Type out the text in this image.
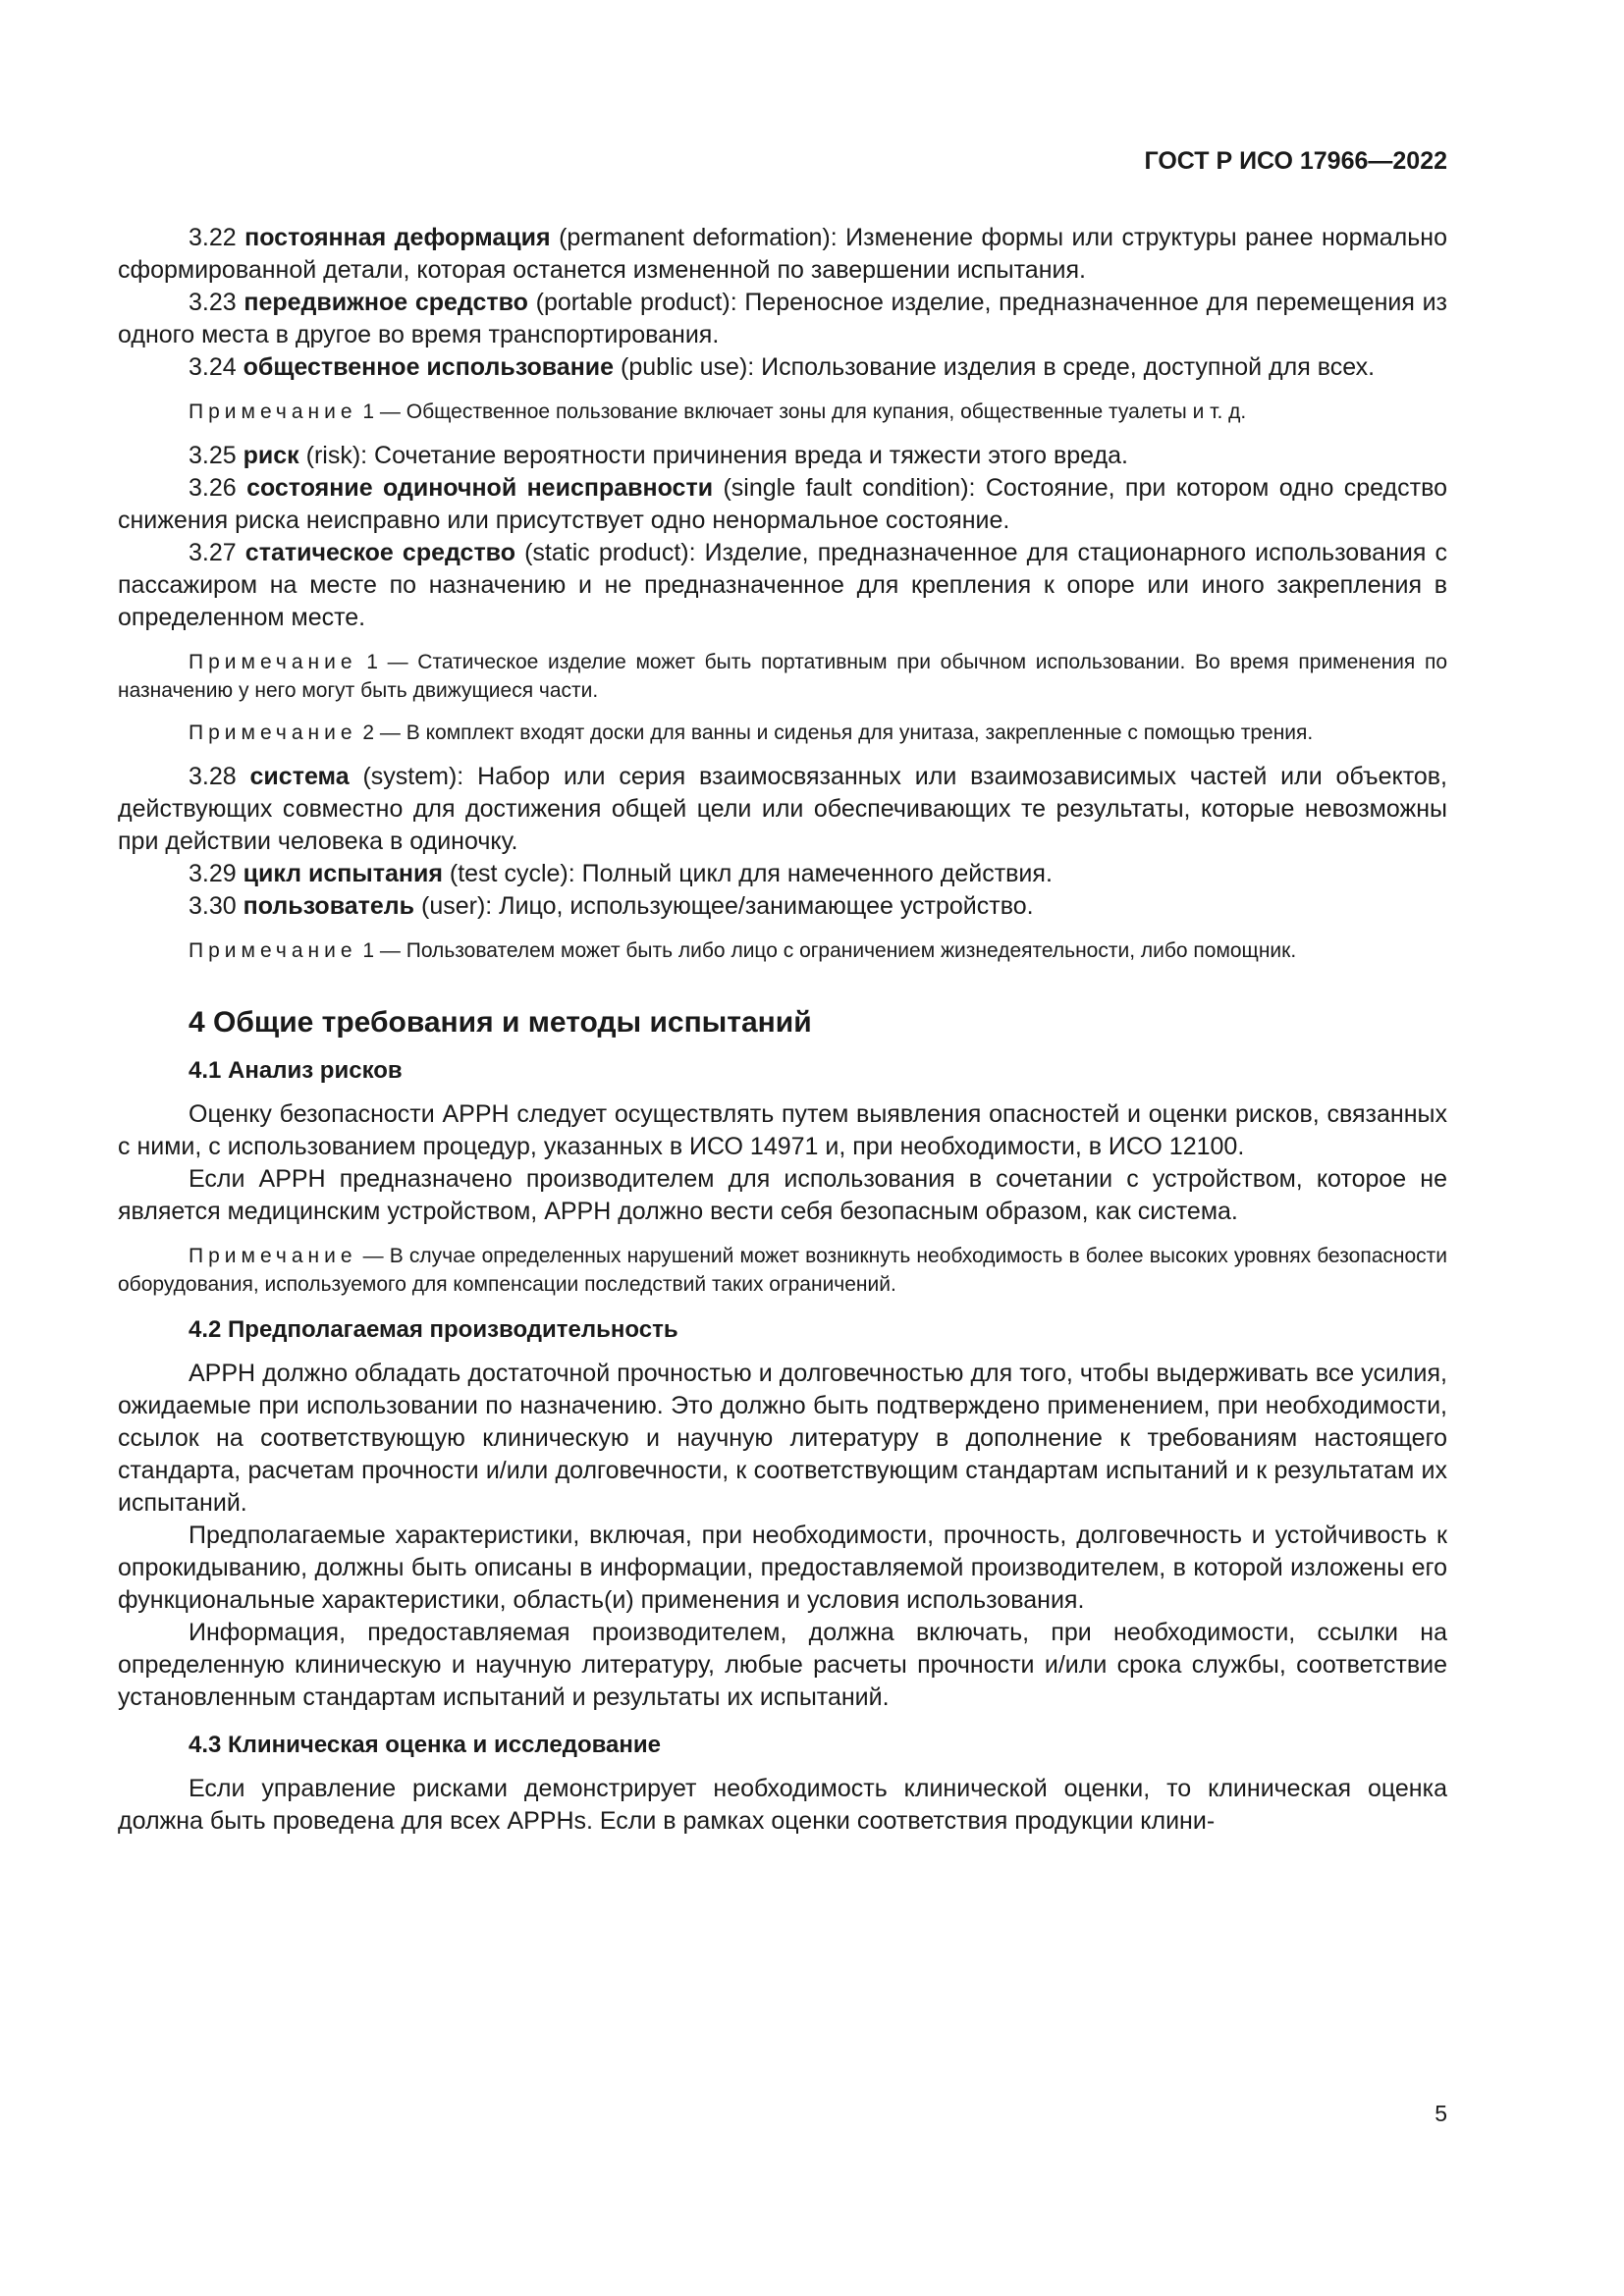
ГОСТ Р ИСО 17966—2022

3.22 постоянная деформация (permanent deformation): Изменение формы или структуры ранее нормально сформированной детали, которая останется измененной по завершении испытания.

3.23 передвижное средство (portable product): Переносное изделие, предназначенное для перемещения из одного места в другое во время транспортирования.

3.24 общественное использование (public use): Использование изделия в среде, доступной для всех.

Примечание 1 — Общественное пользование включает зоны для купания, общественные туалеты и т. д.

3.25 риск (risk): Сочетание вероятности причинения вреда и тяжести этого вреда.

3.26 состояние одиночной неисправности (single fault condition): Состояние, при котором одно средство снижения риска неисправно или присутствует одно ненормальное состояние.

3.27 статическое средство (static product): Изделие, предназначенное для стационарного использования с пассажиром на месте по назначению и не предназначенное для крепления к опоре или иного закрепления в определенном месте.

Примечание 1 — Статическое изделие может быть портативным при обычном использовании. Во время применения по назначению у него могут быть движущиеся части.

Примечание 2 — В комплект входят доски для ванны и сиденья для унитаза, закрепленные с помощью трения.

3.28 система (system): Набор или серия взаимосвязанных или взаимозависимых частей или объектов, действующих совместно для достижения общей цели или обеспечивающих те результаты, которые невозможны при действии человека в одиночку.

3.29 цикл испытания (test cycle): Полный цикл для намеченного действия.

3.30 пользователь (user): Лицо, использующее/занимающее устройство.

Примечание 1 — Пользователем может быть либо лицо с ограничением жизнедеятельности, либо помощник.

4 Общие требования и методы испытаний

4.1 Анализ рисков

Оценку безопасности APPH следует осуществлять путем выявления опасностей и оценки рисков, связанных с ними, с использованием процедур, указанных в ИСО 14971 и, при необходимости, в ИСО 12100.

Если APPH предназначено производителем для использования в сочетании с устройством, которое не является медицинским устройством, APPH должно вести себя безопасным образом, как система.

Примечание — В случае определенных нарушений может возникнуть необходимость в более высоких уровнях безопасности оборудования, используемого для компенсации последствий таких ограничений.

4.2 Предполагаемая производительность

APPH должно обладать достаточной прочностью и долговечностью для того, чтобы выдерживать все усилия, ожидаемые при использовании по назначению. Это должно быть подтверждено применением, при необходимости, ссылок на соответствующую клиническую и научную литературу в дополнение к требованиям настоящего стандарта, расчетам прочности и/или долговечности, к соответствующим стандартам испытаний и к результатам их испытаний.

Предполагаемые характеристики, включая, при необходимости, прочность, долговечность и устойчивость к опрокидыванию, должны быть описаны в информации, предоставляемой производителем, в которой изложены его функциональные характеристики, область(и) применения и условия использования.

Информация, предоставляемая производителем, должна включать, при необходимости, ссылки на определенную клиническую и научную литературу, любые расчеты прочности и/или срока службы, соответствие установленным стандартам испытаний и результаты их испытаний.

4.3 Клиническая оценка и исследование

Если управление рисками демонстрирует необходимость клинической оценки, то клиническая оценка должна быть проведена для всех APPHs. Если в рамках оценки соответствия продукции клини-

5
